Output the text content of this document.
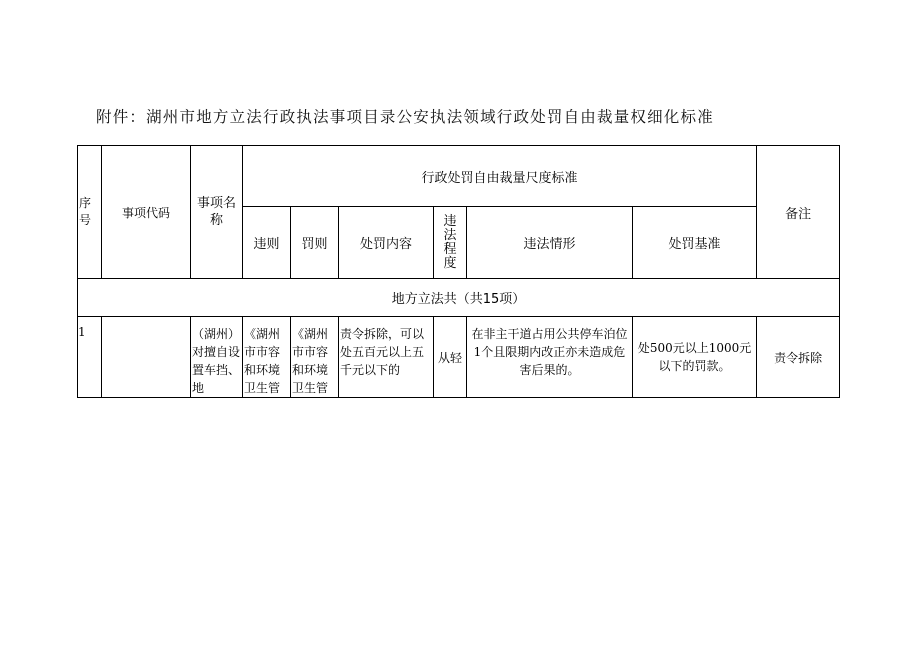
附件：湖州市地方立法行政执法事项目录公安执法领域行政处罚自由裁量权细化标准
序号	事项代码	事项名称	行政处罚自由裁量尺度标准						备注
			违则	罚则	处罚内容	违法程度	违法情形	处罚基准	
地方立法共（共15项）									
1		（湖州）对擅自设置车挡、地	《湖州市市容和环境卫生管	《湖州市市容和环境卫生管	责令拆除，可以处五百元以上五千元以下的	从轻	在非主干道占用公共停车泊位1个且限期内改正亦未造成危害后果的。	处500元以上1000元以下的罚款。	责令拆除
